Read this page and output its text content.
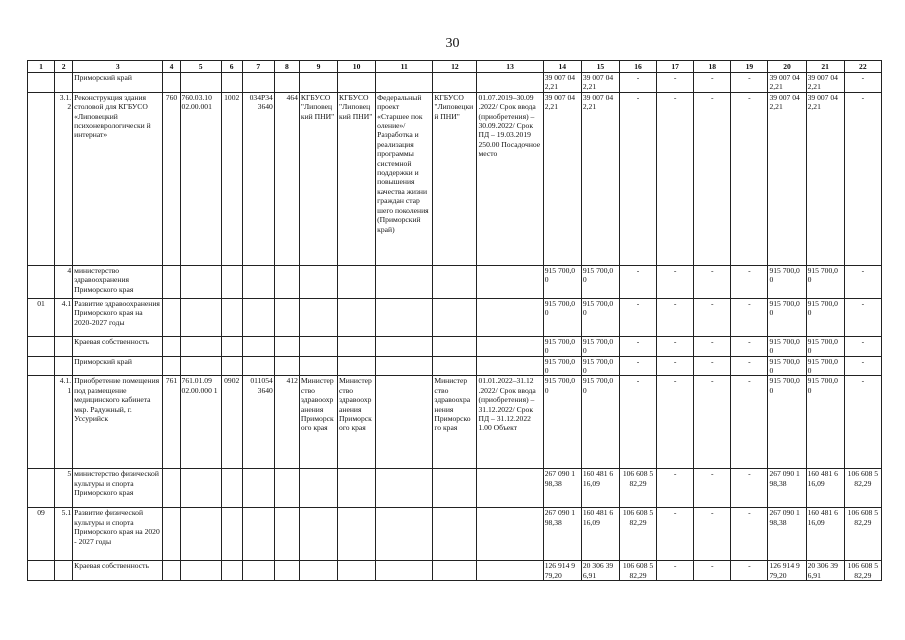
30
1	2	3	4	5	6	7	8	9	10	11	12	13	14	15	16	17	18	19	20	21	22
		Приморский край											39 007 04 2,21	39 007 04 2,21	-	-	-	-	39 007 04 2,21	39 007 04 2,21	-
	3.1.2	Реконструкция здания столовой для КГБУСО «Липовецкий психоневрологически й интернат»	760	760.03.10 02.00.001	1002	034Р34 3640	464	КГБУСО "Липовец кий ПНИ"	КГБУСО "Липовец кий ПНИ"	Федеральный проект «Старшее пок оление»/ Разработка и реализация программы системной поддержки и повышения качества жизни граждан стар шего поколения (Приморский край)	КГБУСО "Липовецки й ПНИ"	01.07.2019–30.09 .2022/ Срок ввода (приобретения) – 30.09.2022/ Срок ПД – 19.03.2019 250.00 Посадочное место	39 007 04 2,21	39 007 04 2,21	-	-	-	-	39 007 04 2,21	39 007 04 2,21	-
	4	министерство здравоохранения Приморского края											915 700,0 0	915 700,0 0	-	-	-	-	915 700,0 0	915 700,0 0	-
01	4.1	Развитие здравоохранения Приморского края на 2020-2027 годы											915 700,0 0	915 700,0 0	-	-	-	-	915 700,0 0	915 700,0 0	-
		Краевая собственность											915 700,0 0	915 700,0 0	-	-	-	-	915 700,0 0	915 700,0 0	-
		Приморский край											915 700,0 0	915 700,0 0	-	-	-	-	915 700,0 0	915 700,0 0	-
	4.1.1	Приобретение помещения под размещение медицинского кабинета мкр. Радужный, г. Уссурийск	761	761.01.09 02.00.000 1	0902	011054 3640	412	Министер ство здравоохр анения Приморск ого края	Министер ство здравоохр анения Приморск ого края		Министер ство здравоохра нения Приморско го края	01.01.2022–31.12 .2022/ Срок ввода (приобретения) – 31.12.2022/ Срок ПД – 31.12.2022 1.00 Объект	915 700,0 0	915 700,0 0	-	-	-	-	915 700,0 0	915 700,0 0	-
	5	министерство физической культуры и спорта Приморского края											267 090 1 98,38	160 481 6 16,09	106 608 5 82,29	-	-	-	267 090 1 98,38	160 481 6 16,09	106 608 5 82,29
09	5.1	Развитие физической культуры и спорта Приморского края на 2020 - 2027 годы											267 090 1 98,38	160 481 6 16,09	106 608 5 82,29	-	-	-	267 090 1 98,38	160 481 6 16,09	106 608 5 82,29
		Краевая собственность											126 914 9 79,20	20 306 39 6,91	106 608 5 82,29	-	-	-	126 914 9 79,20	20 306 39 6,91	106 608 5 82,29
